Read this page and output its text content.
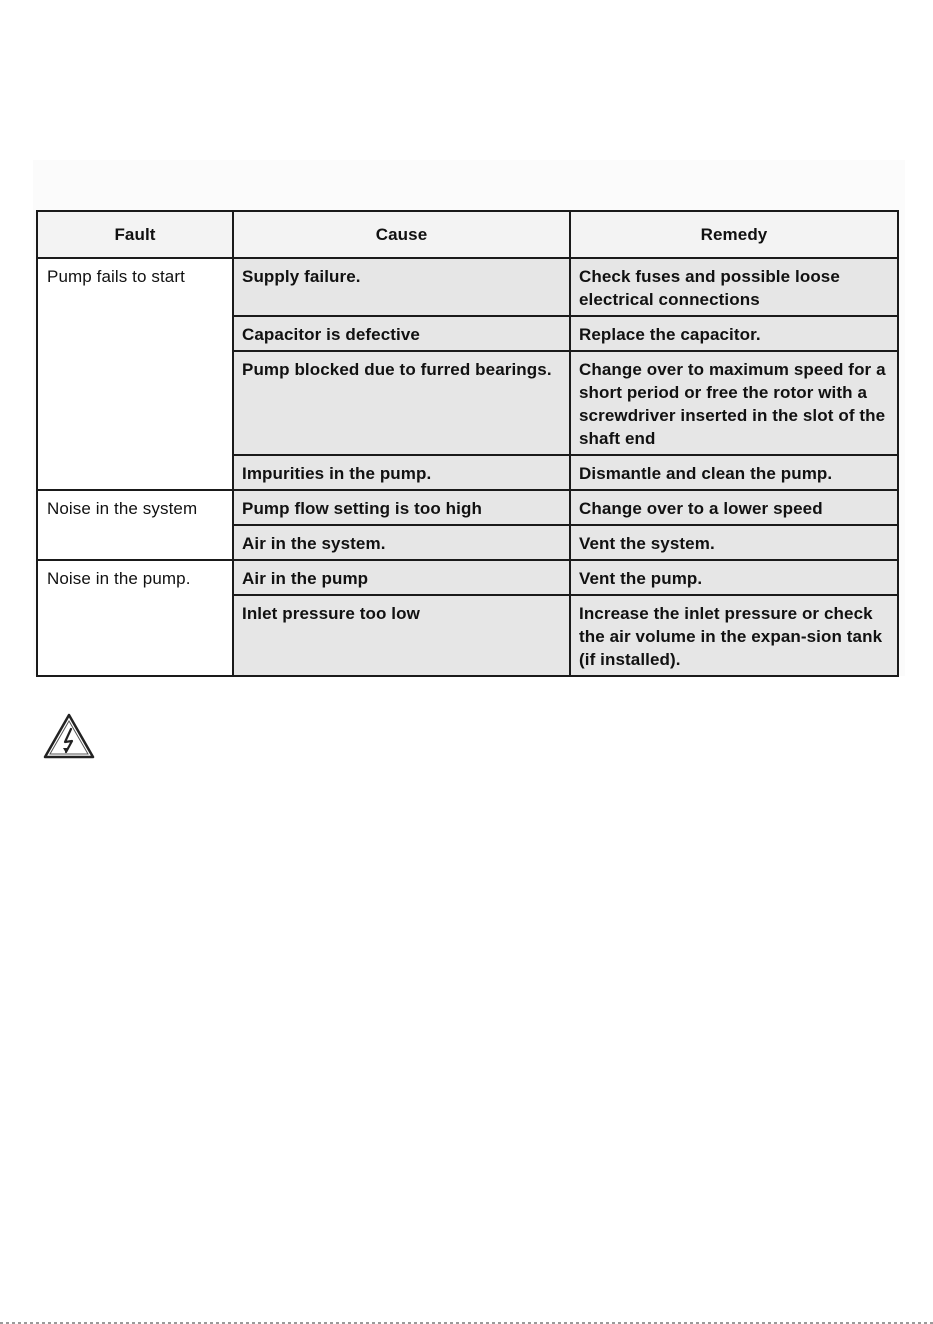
Fault	Cause	Remedy
Pump fails to start	Supply failure.	Check fuses and possible loose electrical connections
	Capacitor is defective	Replace the capacitor.
	Pump blocked due to furred bearings.	Change over to maximum speed for a short period or free the rotor with a screwdriver inserted in the slot of the shaft end
	Impurities in the pump.	Dismantle and clean the pump.
Noise in the system	Pump flow setting is too high	Change over to a lower speed
	Air in the system.	Vent the system.
Noise in the pump.	Air in the pump	Vent the pump.
	Inlet pressure too low	Increase the inlet pressure or check the air volume in the expan-sion tank (if installed).
